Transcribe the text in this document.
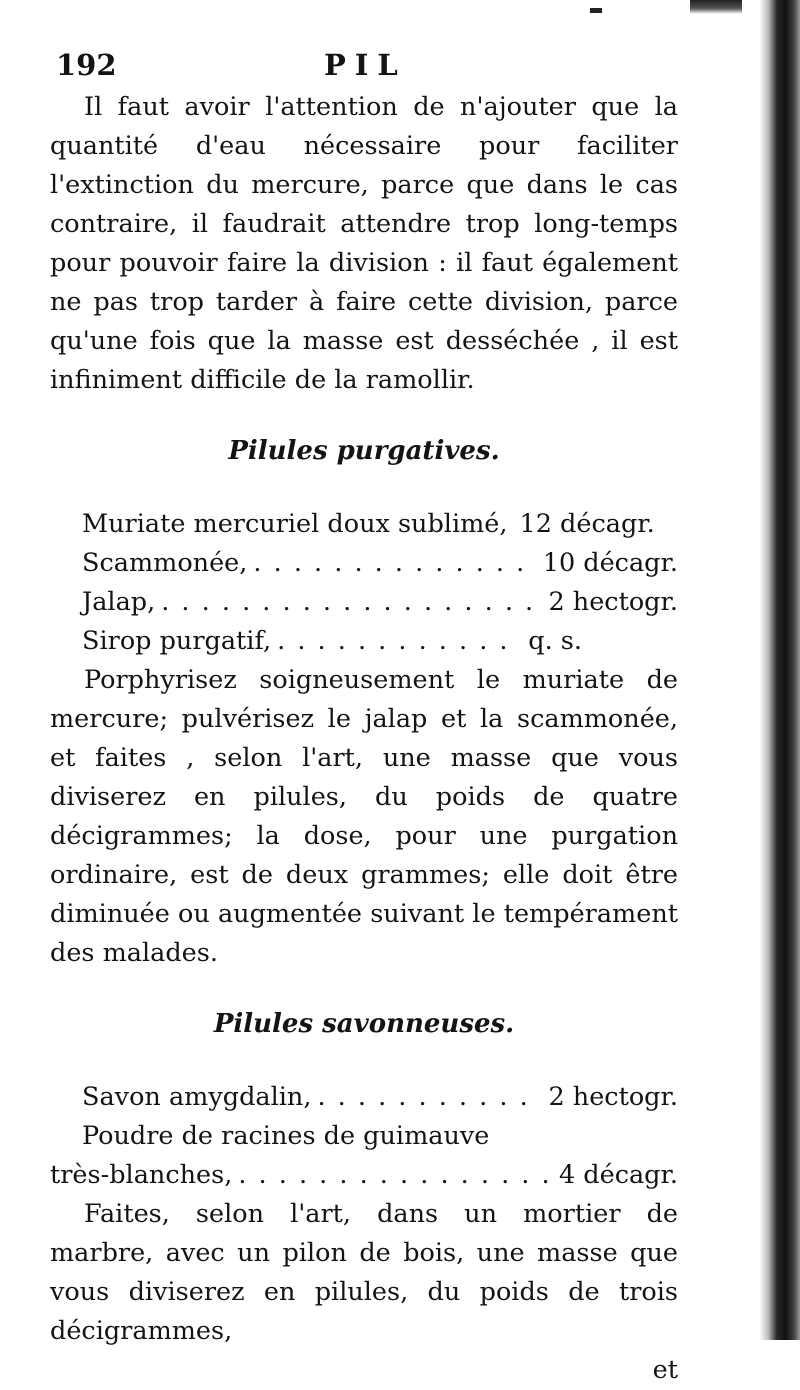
192	PIL

Il faut avoir l'attention de n'ajouter que la quantité d'eau nécessaire pour faciliter l'extinction du mercure, parce que dans le cas contraire, il faudrait attendre trop long-temps pour pouvoir faire la division : il faut également ne pas trop tarder à faire cette division, parce qu'une fois que la masse est desséchée , il est infiniment difficile de la ramollir.

Pilules purgatives.

Muriate mercuriel doux sublimé, 12 décagr.
Scammonée, . . .	10 décagr.
Jalap, . . .	2 hectogr.
Sirop purgatif, . . .	q. s.

Porphyrisez soigneusement le muriate de mercure; pulvérisez le jalap et la scammonée, et faites , selon l'art, une masse que vous diviserez en pilules, du poids de quatre décigrammes; la dose, pour une purgation ordinaire, est de deux grammes; elle doit être diminuée ou augmentée suivant le tempérament des malades.

Pilules savonneuses.

Savon amygdalin, . . .	2 hectogr.
Poudre de racines de guimauve
très-blanches, . . .	4 décagr.

Faites, selon l'art, dans un mortier de marbre, avec un pilon de bois, une masse que vous diviserez en pilules, du poids de trois décigrammes,

et
